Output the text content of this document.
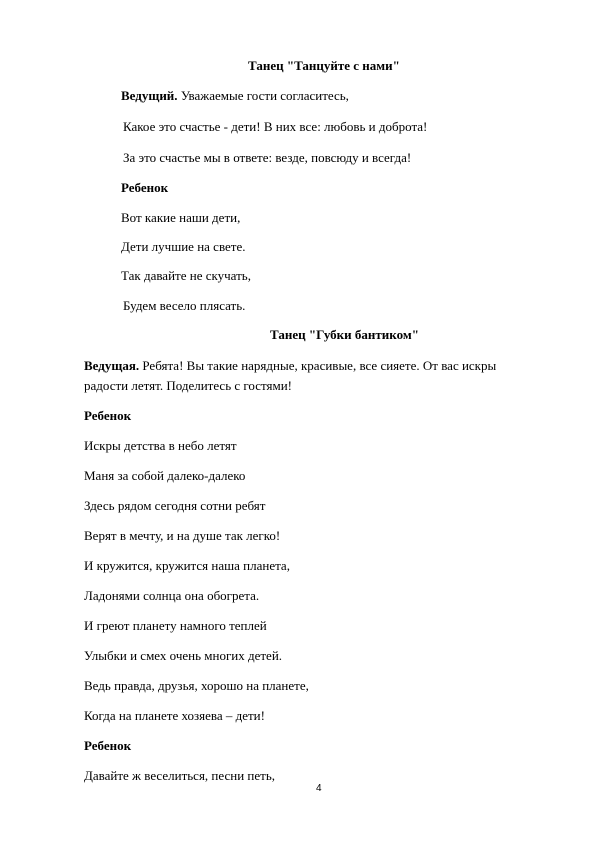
Танец "Танцуйте с нами"
Ведущий. Уважаемые гости согласитесь,
Какое это счастье - дети! В них все: любовь и доброта!
За это счастье мы в ответе: везде, повсюду и всегда!
Ребенок
Вот какие наши дети,
Дети лучшие на свете.
Так давайте не скучать,
Будем весело плясать.
Танец "Губки бантиком"
Ведущая. Ребята! Вы такие нарядные, красивые, все сияете. От вас искры
радости летят. Поделитесь с гостями!
Ребенок
Искры детства в небо летят
Маня за собой далеко-далеко
Здесь рядом сегодня сотни ребят
Верят в мечту, и на душе так легко!
И кружится, кружится наша планета,
Ладонями солнца она обогрета.
И греют планету намного теплей
Улыбки и смех очень многих детей.
Ведь правда, друзья, хорошо на планете,
Когда на планете хозяева – дети!
Ребенок
Давайте ж веселиться, песни петь,
4
